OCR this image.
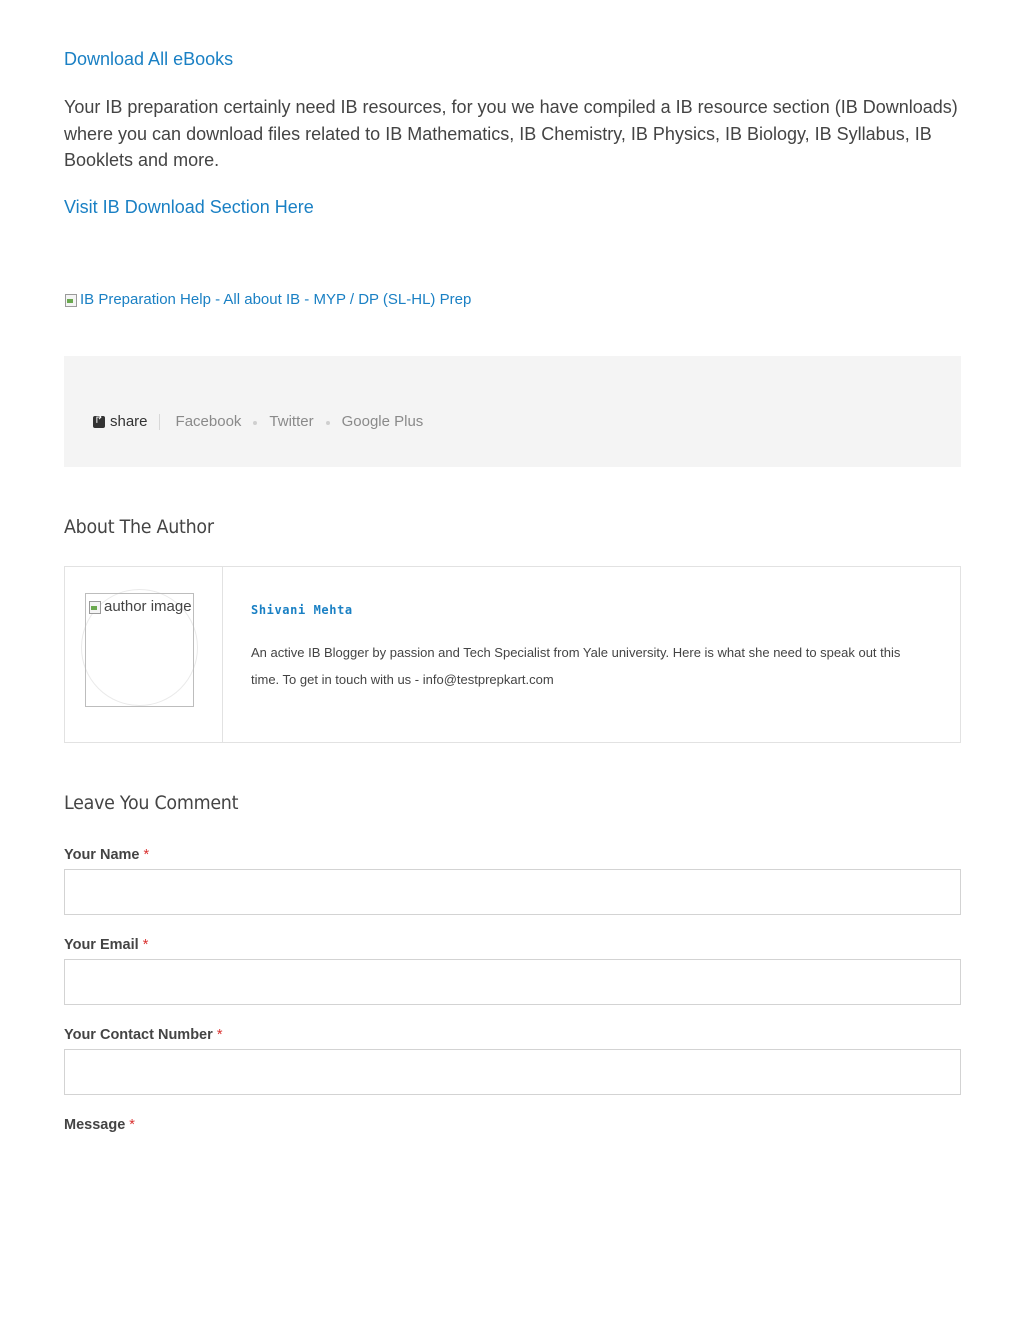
Download All eBooks

Your IB preparation certainly need IB resources, for you we have compiled a IB resource section (IB Downloads) where you can download files related to IB Mathematics, IB Chemistry, IB Physics, IB Biology, IB Syllabus, IB Booklets and more.

Visit IB Download Section Here
IB Preparation Help - All about IB - MYP / DP (SL-HL) Prep
↱
share Facebook Twitter Google Plus
About The Author
author image	Shivani Mehta

An active IB Blogger by passion and Tech Specialist from Yale university. Here is what she need to speak out this time. To get in touch with us - info@testprepkart.com

Leave You Comment
Your Name *
Your Email *
Your Contact Number *
Message *
